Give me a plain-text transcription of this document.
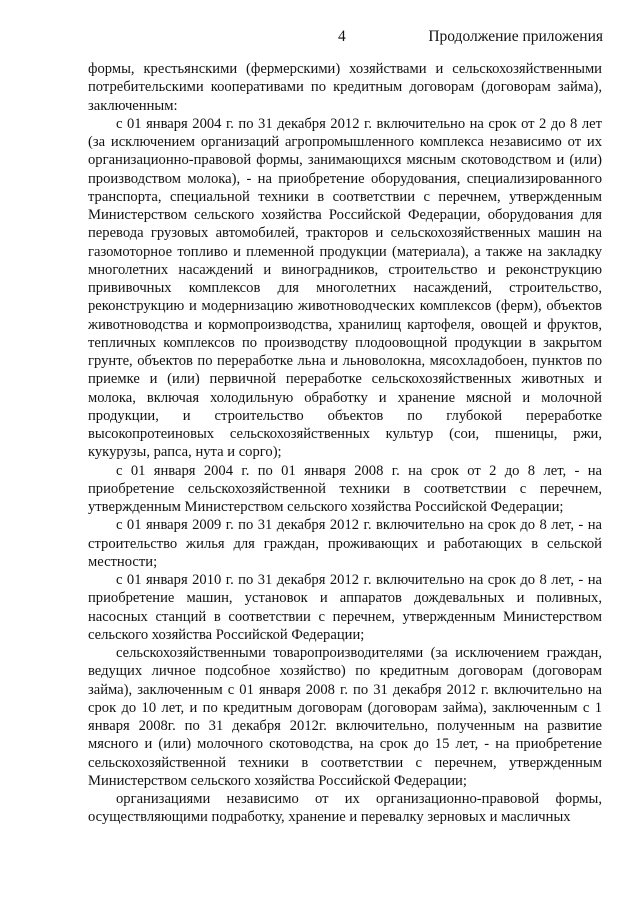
4	Продолжение приложения

формы, крестьянскими (фермерскими) хозяйствами и сельскохозяйственными потребительскими кооперативами по кредитным договорам (договорам займа), заключенным:

с 01 января 2004 г. по 31 декабря 2012 г. включительно на срок от 2 до 8 лет (за исключением организаций агропромышленного комплекса независимо от их организационно-правовой формы, занимающихся мясным скотоводством и (или) производством молока), - на приобретение оборудования, специализированного транспорта, специальной техники в соответствии с перечнем, утвержденным Министерством сельского хозяйства Российской Федерации, оборудования для перевода грузовых автомобилей, тракторов и сельскохозяйственных машин на газомоторное топливо и племенной продукции (материала), а также на закладку многолетних насаждений и виноградников, строительство и реконструкцию прививочных комплексов для многолетних насаждений, строительство, реконструкцию и модернизацию животноводческих комплексов (ферм), объектов животноводства и кормопроизводства, хранилищ картофеля, овощей и фруктов, тепличных комплексов по производству плодоовощной продукции в закрытом грунте, объектов по переработке льна и льноволокна, мясохладобоен, пунктов по приемке и (или) первичной переработке сельскохозяйственных животных и молока, включая холодильную обработку и хранение мясной и молочной продукции, и строительство объектов по глубокой переработке высокопротеиновых сельскохозяйственных культур (сои, пшеницы, ржи, кукурузы, рапса, нута и сорго);

с 01 января 2004 г. по 01 января 2008 г. на срок от 2 до 8 лет, - на приобретение сельскохозяйственной техники в соответствии с перечнем, утвержденным Министерством сельского хозяйства Российской Федерации;

с 01 января 2009 г. по 31 декабря 2012 г. включительно на срок до 8 лет, - на строительство жилья для граждан, проживающих и работающих в сельской местности;

с 01 января 2010 г. по 31 декабря 2012 г. включительно на срок до 8 лет, - на приобретение машин, установок и аппаратов дождевальных и поливных, насосных станций в соответствии с перечнем, утвержденным Министерством сельского хозяйства Российской Федерации;

сельскохозяйственными товаропроизводителями (за исключением граждан, ведущих личное подсобное хозяйство) по кредитным договорам (договорам займа), заключенным с 01 января 2008 г. по 31 декабря 2012 г. включительно на срок до 10 лет, и по кредитным договорам (договорам займа), заключенным с 1 января 2008г. по 31 декабря 2012г. включительно, полученным на развитие мясного и (или) молочного скотоводства, на срок до 15 лет, - на приобретение сельскохозяйственной техники в соответствии с перечнем, утвержденным Министерством сельского хозяйства Российской Федерации;

организациями независимо от их организационно-правовой формы, осуществляющими подработку, хранение и перевалку зерновых и масличных
